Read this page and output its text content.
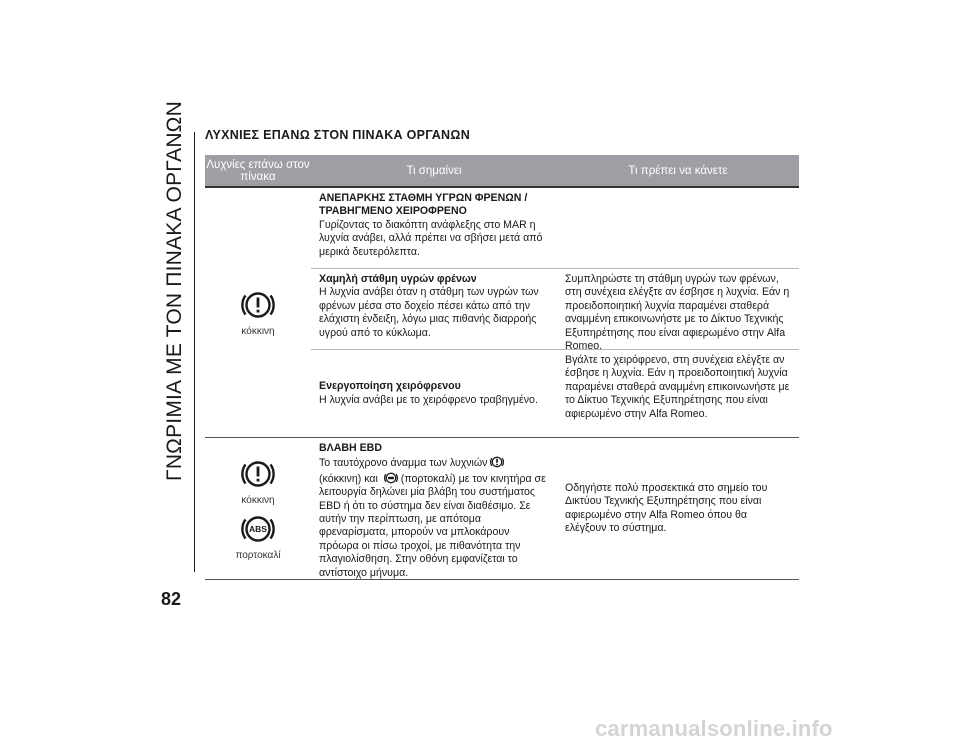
ΓΝΩΡΙΜΙΑ ΜΕ ΤΟΝ ΠΙΝΑΚΑ ΟΡΓΑΝΩΝ
82
ΛΥΧΝΙΕΣ ΕΠΑΝΩ ΣΤΟΝ ΠΙΝΑΚΑ ΟΡΓΑΝΩΝ
Λυχνίες επάνω στον πίνακα	Τι σημαίνει	Τι πρέπει να κάνετε
κόκκινη
ΑΝΕΠΑΡΚΗΣ ΣΤΑΘΜΗ ΥΓΡΩΝ ΦΡΕΝΩΝ / ΤΡΑΒΗΓΜΕΝΟ ΧΕΙΡΟΦΡΕΝΟ
Γυρίζοντας το διακόπτη ανάφλεξης στο MAR η λυχνία ανάβει, αλλά πρέπει να σβήσει μετά από μερικά δευτερόλεπτα.
Χαμηλή στάθμη υγρών φρένων
Η λυχνία ανάβει όταν η στάθμη των υγρών των φρένων μέσα στο δοχείο πέσει κάτω από την ελάχιστη ένδειξη, λόγω μιας πιθανής διαρροής υγρού από το κύκλωμα.
Συμπληρώστε τη στάθμη υγρών των φρένων, στη συνέχεια ελέγξτε αν έσβησε η λυχνία. Εάν η προειδοποιητική λυχνία παραμένει σταθερά αναμμένη επικοινωνήστε με το Δίκτυο Τεχνικής Εξυπηρέτησης που είναι αφιερωμένο στην Alfa Romeo.
Ενεργοποίηση χειρόφρενου
Η λυχνία ανάβει με το χειρόφρενο τραβηγμένο.
Βγάλτε το χειρόφρενο, στη συνέχεια ελέγξτε αν έσβησε η λυχνία. Εάν η προειδοποιητική λυχνία παραμένει σταθερά αναμμένη επικοινωνήστε με το Δίκτυο Τεχνικής Εξυπηρέτησης που είναι αφιερωμένο στην Alfa Romeo.
κόκκινη
ABS
πορτοκαλί
ΒΛΑΒΗ EBD
Το ταυτόχρονο άναμμα των λυχνιών(κόκκινη) και (πορτοκαλί) με τον κινητήρα σε λειτουργία δηλώνει μία βλάβη του συστήματος EBD ή ότι το σύστημα δεν είναι διαθέσιμο. Σε αυτήν την περίπτωση, με απότομα φρεναρίσματα, μπορούν να μπλοκάρουν πρόωρα οι πίσω τροχοί, με πιθανότητα την πλαγιολίσθηση. Στην οθόνη εμφανίζεται το αντίστοιχο μήνυμα.
Οδηγήστε πολύ προσεκτικά στο σημείο του Δικτύου Τεχνικής Εξυπηρέτησης που είναι αφιερωμένο στην Alfa Romeo όπου θα ελέγξουν το σύστημα.
carmanualsonline.info
